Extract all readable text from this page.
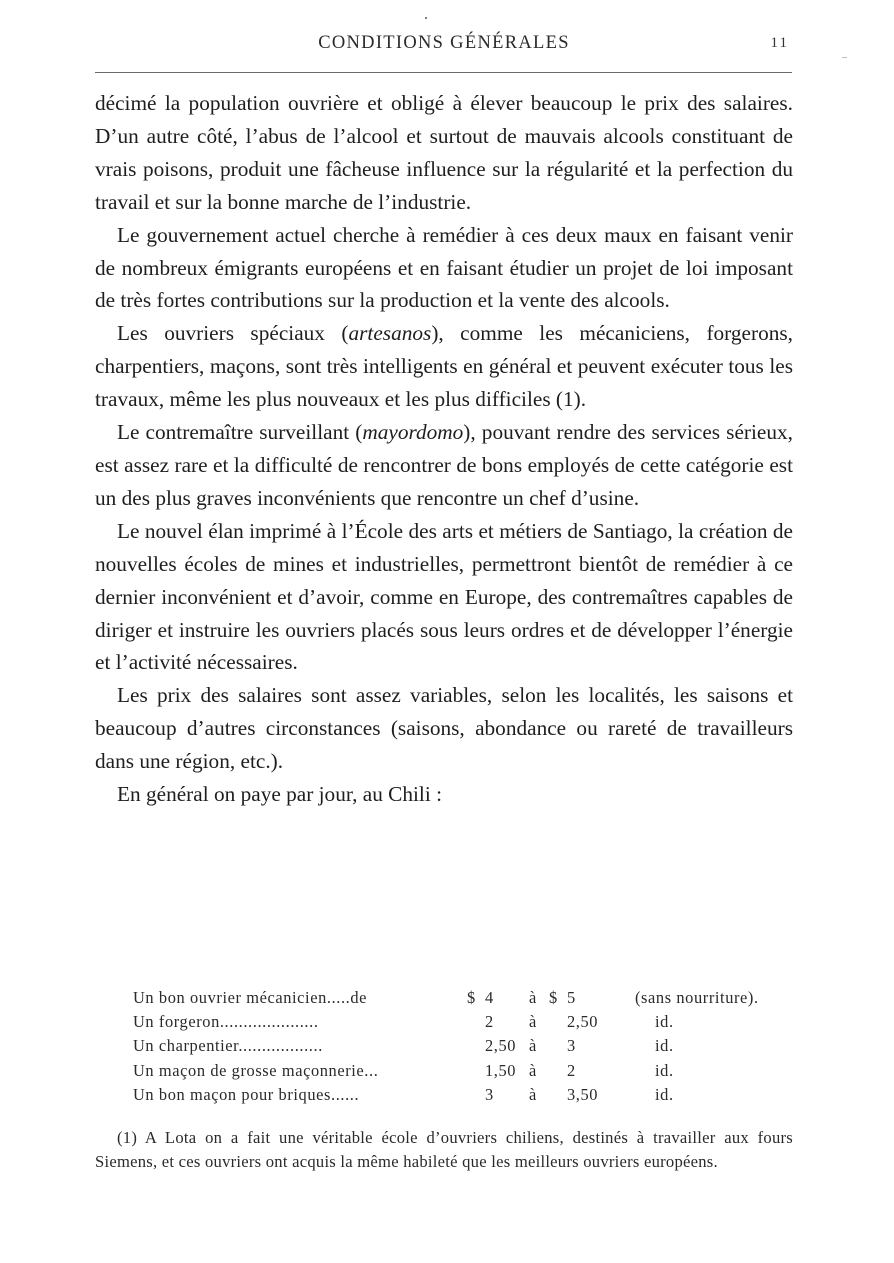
CONDITIONS GÉNÉRALES	11

décimé la population ouvrière et obligé à élever beaucoup le prix des salaires. D’un autre côté, l’abus de l’alcool et surtout de mauvais alcools constituant de vrais poisons, produit une fâcheuse influence sur la régularité et la perfection du travail et sur la bonne marche de l’industrie.

Le gouvernement actuel cherche à remédier à ces deux maux en faisant venir de nombreux émigrants européens et en faisant étudier un projet de loi imposant de très fortes contributions sur la production et la vente des alcools.

Les ouvriers spéciaux (artesanos), comme les mécaniciens, forgerons, charpentiers, maçons, sont très intelligents en général et peuvent exécuter tous les travaux, même les plus nouveaux et les plus difficiles (1).

Le contremaître surveillant (mayordomo), pouvant rendre des services sérieux, est assez rare et la difficulté de rencontrer de bons employés de cette catégorie est un des plus graves inconvénients que rencontre un chef d’usine.

Le nouvel élan imprimé à l’École des arts et métiers de Santiago, la création de nouvelles écoles de mines et industrielles, permettront bientôt de remédier à ce dernier inconvénient et d’avoir, comme en Europe, des contremaîtres capables de diriger et instruire les ouvriers placés sous leurs ordres et de développer l’énergie et l’activité nécessaires.

Les prix des salaires sont assez variables, selon les localités, les saisons et beaucoup d’autres circonstances (saisons, abondance ou rareté de travailleurs dans une région, etc.).

En général on paye par jour, au Chili :

Un bon ouvrier mécanicien.....de	$	4	à	$	5	(sans nourriture).
Un forgeron.....................		2	à		2,50	id.
Un charpentier..................		2,50	à		3	id.
Un maçon de grosse maçonnerie...		1,50	à		2	id.
Un bon maçon pour briques......		3	à		3,50	id.

(1) A Lota on a fait une véritable école d’ouvriers chiliens, destinés à travailler aux fours Siemens, et ces ouvriers ont acquis la même habileté que les meilleurs ouvriers européens.
